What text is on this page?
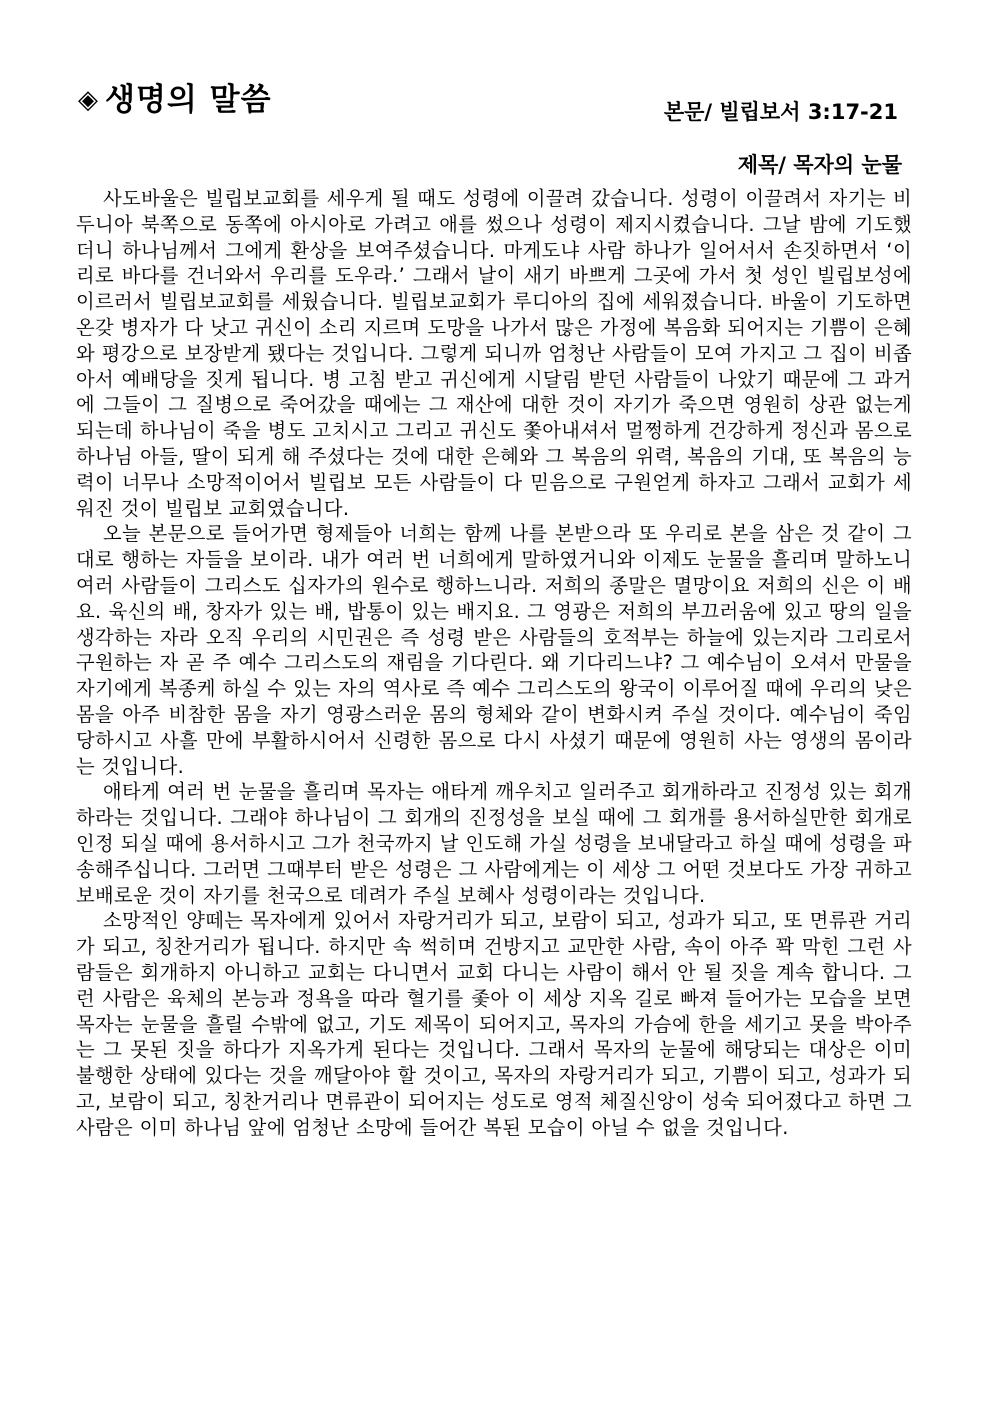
◈ 생명의 말씀	본문/ 빌립보서 3:17-21
제목/ 목자의 눈물

사도바울은 빌립보교회를 세우게 될 때도 성령에 이끌려 갔습니다. 성령이 이끌려서 자기는 비두니아 북쪽으로 동쪽에 아시아로 가려고 애를 썼으나 성령이 제지시켰습니다. 그날 밤에 기도했더니 하나님께서 그에게 환상을 보여주셨습니다. 마게도냐 사람 하나가 일어서서 손짓하면서 ‘이리로 바다를 건너와서 우리를 도우라.’ 그래서 날이 새기 바쁘게 그곳에 가서 첫 성인 빌립보성에 이르러서 빌립보교회를 세웠습니다. 빌립보교회가 루디아의 집에 세워졌습니다. 바울이 기도하면 온갖 병자가 다 낫고 귀신이 소리 지르며 도망을 나가서 많은 가정에 복음화 되어지는 기쁨이 은혜와 평강으로 보장받게 됐다는 것입니다. 그렇게 되니까 엄청난 사람들이 모여 가지고 그 집이 비좁아서 예배당을 짓게 됩니다. 병 고침 받고 귀신에게 시달림 받던 사람들이 나았기 때문에 그 과거에 그들이 그 질병으로 죽어갔을 때에는 그 재산에 대한 것이 자기가 죽으면 영원히 상관 없는게 되는데 하나님이 죽을 병도 고치시고 그리고 귀신도 쫓아내셔서 멀쩡하게 건강하게 정신과 몸으로 하나님 아들, 딸이 되게 해 주셨다는 것에 대한 은혜와 그 복음의 위력, 복음의 기대, 또 복음의 능력이 너무나 소망적이어서 빌립보 모든 사람들이 다 믿음으로 구원얻게 하자고 그래서 교회가 세워진 것이 빌립보 교회였습니다.

오늘 본문으로 들어가면 형제들아 너희는 함께 나를 본받으라 또 우리로 본을 삼은 것 같이 그대로 행하는 자들을 보이라. 내가 여러 번 너희에게 말하였거니와 이제도 눈물을 흘리며 말하노니 여러 사람들이 그리스도 십자가의 원수로 행하느니라. 저희의 종말은 멸망이요 저희의 신은 이 배요. 육신의 배, 창자가 있는 배, 밥통이 있는 배지요. 그 영광은 저희의 부끄러움에 있고 땅의 일을 생각하는 자라 오직 우리의 시민권은 즉 성령 받은 사람들의 호적부는 하늘에 있는지라 그리로서 구원하는 자 곧 주 예수 그리스도의 재림을 기다린다. 왜 기다리느냐? 그 예수님이 오셔서 만물을 자기에게 복종케 하실 수 있는 자의 역사로 즉 예수 그리스도의 왕국이 이루어질 때에 우리의 낮은 몸을 아주 비참한 몸을 자기 영광스러운 몸의 형체와 같이 변화시켜 주실 것이다. 예수님이 죽임 당하시고 사흘 만에 부활하시어서 신령한 몸으로 다시 사셨기 때문에 영원히 사는 영생의 몸이라는 것입니다.

애타게 여러 번 눈물을 흘리며 목자는 애타게 깨우치고 일러주고 회개하라고 진정성 있는 회개하라는 것입니다. 그래야 하나님이 그 회개의 진정성을 보실 때에 그 회개를 용서하실만한 회개로 인정 되실 때에 용서하시고 그가 천국까지 날 인도해 가실 성령을 보내달라고 하실 때에 성령을 파송해주십니다. 그러면 그때부터 받은 성령은 그 사람에게는 이 세상 그 어떤 것보다도 가장 귀하고 보배로운 것이 자기를 천국으로 데려가 주실 보혜사 성령이라는 것입니다.

소망적인 양떼는 목자에게 있어서 자랑거리가 되고, 보람이 되고, 성과가 되고, 또 면류관 거리가 되고, 칭찬거리가 됩니다. 하지만 속 썩히며 건방지고 교만한 사람, 속이 아주 꽉 막힌 그런 사람들은 회개하지 아니하고 교회는 다니면서 교회 다니는 사람이 해서 안 될 짓을 계속 합니다. 그런 사람은 육체의 본능과 정욕을 따라 혈기를 좇아 이 세상 지옥 길로 빠져 들어가는 모습을 보면 목자는 눈물을 흘릴 수밖에 없고, 기도 제목이 되어지고, 목자의 가슴에 한을 세기고 못을 박아주는 그 못된 짓을 하다가 지옥가게 된다는 것입니다. 그래서 목자의 눈물에 해당되는 대상은 이미 불행한 상태에 있다는 것을 깨달아야 할 것이고, 목자의 자랑거리가 되고, 기쁨이 되고, 성과가 되고, 보람이 되고, 칭찬거리나 면류관이 되어지는 성도로 영적 체질신앙이 성숙 되어졌다고 하면 그 사람은 이미 하나님 앞에 엄청난 소망에 들어간 복된 모습이 아닐 수 없을 것입니다.
